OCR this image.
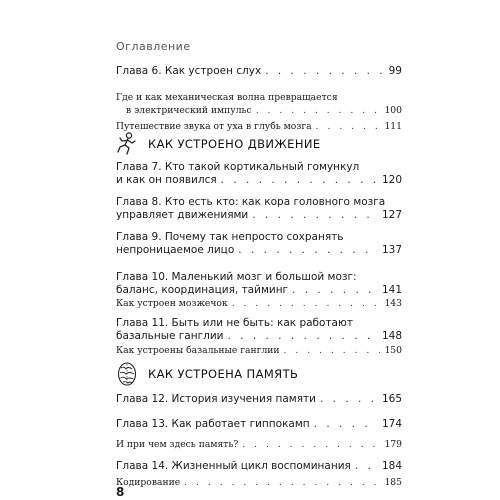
Оглавление
Глава 6. Как устроен слух . . .	99
Где и как механическая волна превращается
в электрический импульс . . .	100
Путешествие звука от уха в глубь мозга . . .	111
Глава 7. Кто такой кортикальный гомункул
и как он появился . . .	120
Глава 8. Кто есть кто: как кора головного мозга
управляет движениями . . .	127
Глава 9. Почему так непросто сохранять
непроницаемое лицо . . .	137
Глава 10. Маленький мозг и большой мозг:
баланс, координация, тайминг . . .	141
Как устроен мозжечок . . .	143
Глава 11. Быть или не быть: как работают
базальные ганглии . . .	148
Как устроены базальные ганглии . . .	150
Глава 12. История изучения памяти . . .	165
Глава 13. Как работает гиппокамп . . .	174
И при чем здесь память? . . .	179
Глава 14. Жизненный цикл воспоминания . . .	184
Кодирование . . .	185
КАК УСТРОЕНО ДВИЖЕНИЕ
КАК УСТРОЕНА ПАМЯТЬ
8
